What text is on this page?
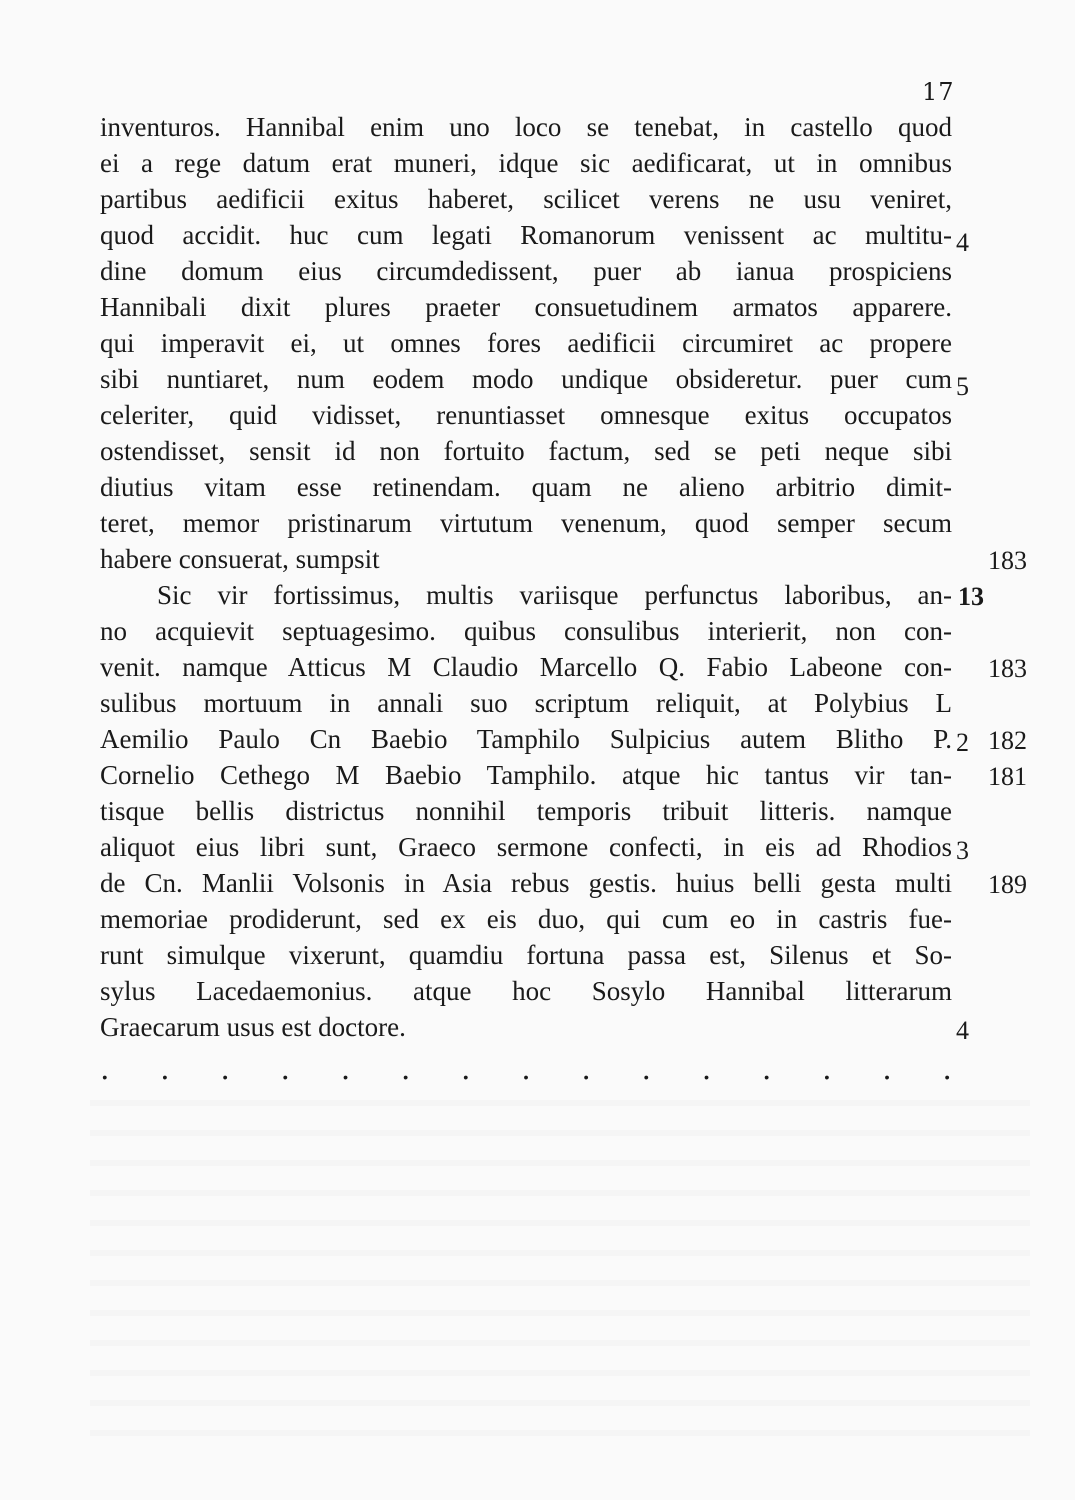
17
inventuros. Hannibal enim uno loco se tenebat, in castello quod
ei a rege datum erat muneri, idque sic aedificarat, ut in omnibus
partibus aedificii exitus haberet, scilicet verens ne usu veniret,
quod accidit. huc cum legati Romanorum venissent ac multitu-
dine domum eius circumdedissent, puer ab ianua prospiciens
Hannibali dixit plures praeter consuetudinem armatos apparere.
qui imperavit ei, ut omnes fores aedificii circumiret ac propere
sibi nuntiaret, num eodem modo undique obsideretur. puer cum
celeriter, quid vidisset, renuntiasset omnesque exitus occupatos
ostendisset, sensit id non fortuito factum, sed se peti neque sibi
diutius vitam esse retinendam. quam ne alieno arbitrio dimit-
teret, memor pristinarum virtutum venenum, quod semper secum
habere consuerat, sumpsit
Sic vir fortissimus, multis variisque perfunctus laboribus, an-
no acquievit septuagesimo. quibus consulibus interierit, non con-
venit. namque Atticus M Claudio Marcello Q. Fabio Labeone con-
sulibus mortuum in annali suo scriptum reliquit, at Polybius L
Aemilio Paulo Cn Baebio Tamphilo Sulpicius autem Blitho P.
Cornelio Cethego M Baebio Tamphilo. atque hic tantus vir tan-
tisque bellis districtus nonnihil temporis tribuit litteris. namque
aliquot eius libri sunt, Graeco sermone confecti, in eis ad Rhodios
de Cn. Manlii Volsonis in Asia rebus gestis. huius belli gesta multi
memoriae prodiderunt, sed ex eis duo, qui cum eo in castris fue-
runt simulque vixerunt, quamdiu fortuna passa est, Silenus et So-
sylus Lacedaemonius. atque hoc Sosylo Hannibal litterarum
Graecarum usus est doctore.
4
5
183
13
183
2 182
181
3
189
4
. . . . . . . . . . . . . . .
